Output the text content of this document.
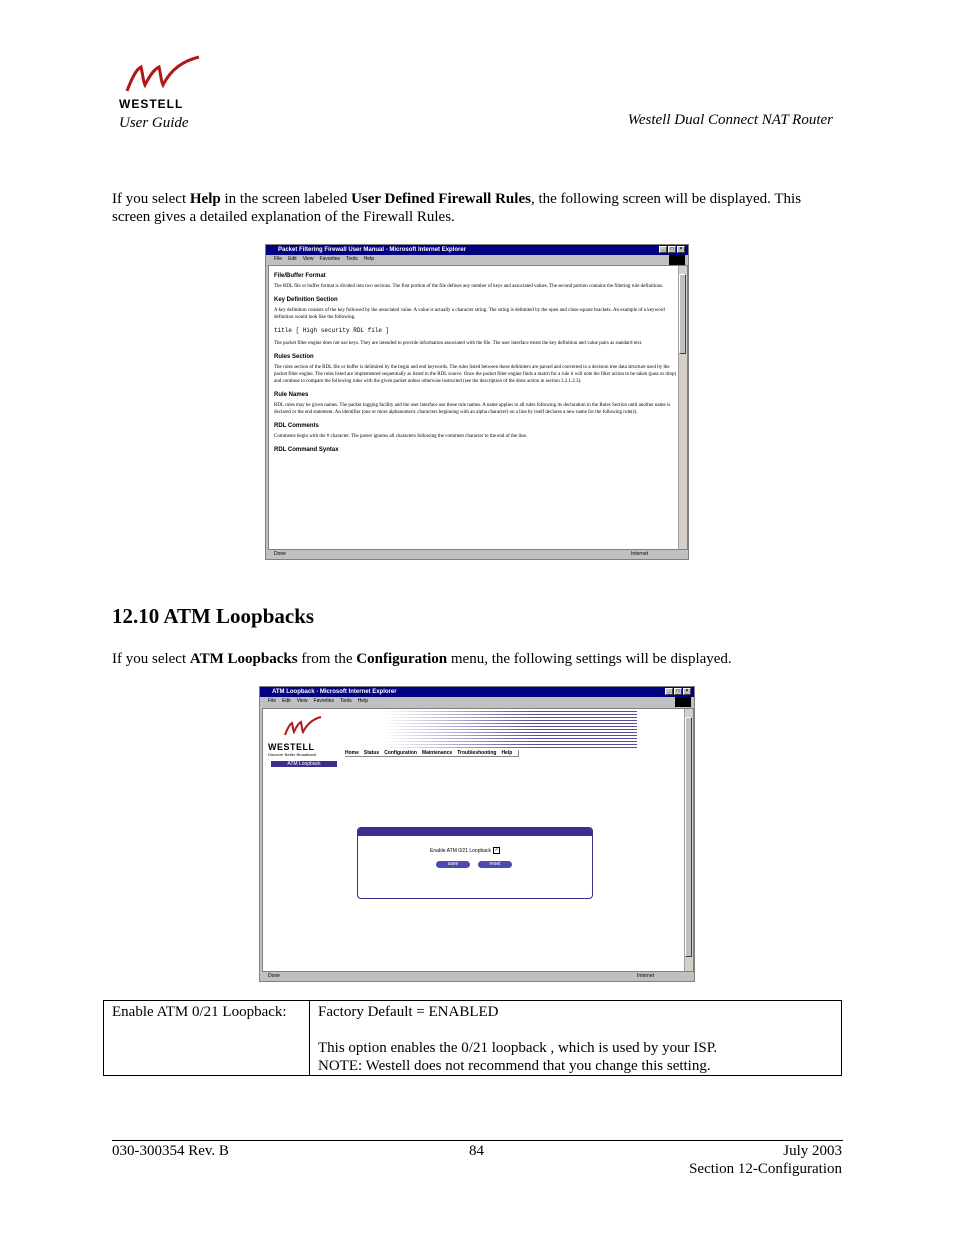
WESTELL
User Guide	Westell Dual Connect NAT Router
If you select Help in the screen labeled User Defined Firewall Rules, the following screen will be displayed. This screen gives a detailed explanation of the Firewall Rules.
Packet Filtering Firewall User Manual - Microsoft Internet Explorer	_	□	×
File Edit View Favorites Tools Help
File/Buffer Format

The RDL file or buffer format is divided into two sections. The first portion of the file defines any number of keys and associated values. The second portion contains the filtering rule definitions.

Key Definition Section

A key definition consists of the key followed by the associated value. A value is actually a character string. The string is delimited by the open and close square brackets. An example of a keyword definition would look like the following.

title [ High security RDL file ]

The packet filter engine does not use keys. They are intended to provide information associated with the file. The user interface treats the key definition and value pairs as standard text.

Rules Section

The rules section of the RDL file or buffer is delimited by the begin and end keywords. The rules listed between these delimiters are parsed and converted to a decision tree data structure used by the packet filter engine. The rules listed are implemented sequentially as listed in the RDL source. Once the packet filter engine finds a match for a rule it will note the filter action to be taken (pass or drop) and continue to compare the following rules with the given packet unless otherwise instructed (see the description of the done action in section 3.2.1.2.3).

Rule Names

RDL rules may be given names. The packet logging facility and the user interface use these rule names. A name applies to all rules following its declaration in the Rules Section until another name is declared or the end statement. An identifier (one or more alphanumeric characters beginning with an alpha character) on a line by itself declares a new name for the following rule(s).

RDL Comments

Comments begin with the # character. The parser ignores all characters following the comment character to the end of the line.

RDL Command Syntax
Done	Internet
12.10 ATM Loopbacks
If you select ATM Loopbacks from the Configuration menu, the following settings will be displayed.
ATM Loopback - Microsoft Internet Explorer	_	□	×
File Edit View Favorites Tools Help
WESTELL
Discover Better Broadband	Home Status Configuration Maintenance Troubleshooting Help
ATM Loopback
Enable ATM 0/21 Loopback ✓
save	reset
Done	Internet
Enable ATM 0/21 Loopback:	Factory Default = ENABLED
This option enables the 0/21 loopback , which is used by your ISP.
NOTE: Westell does not recommend that you change this setting.
030-300354 Rev. B	84	July 2003
Section 12-Configuration
